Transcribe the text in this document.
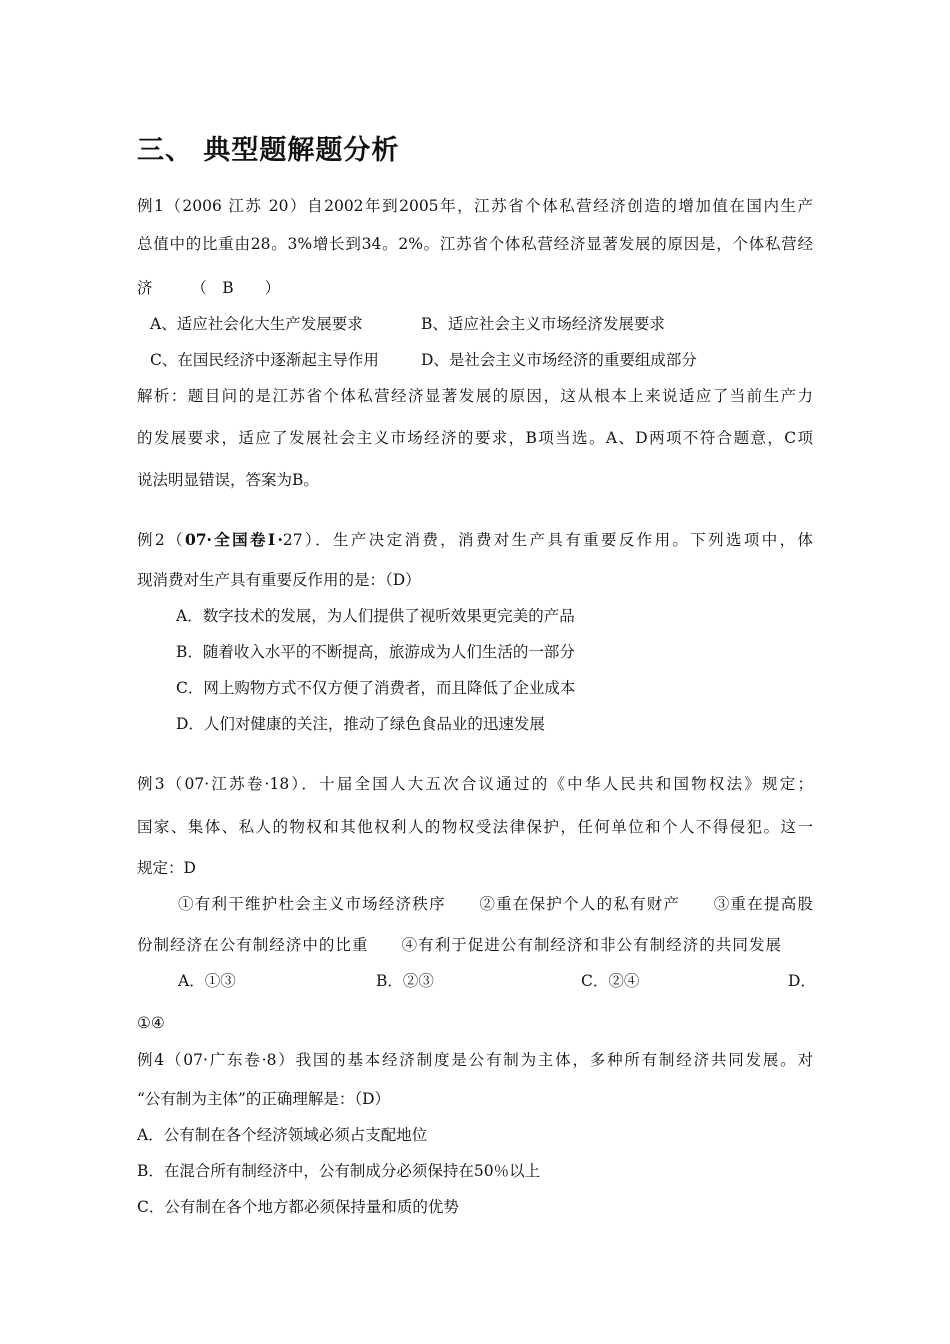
三、 典型题解题分析
例1（2006 江苏 20）自2002年到2005年，江苏省个体私营经济创造的增加值在国内生产
总值中的比重由28。3%增长到34。2%。江苏省个体私营经济显著发展的原因是，个体私营经
济　　　（　B　　）
A、适应社会化大生产发展要求	B、适应社会主义市场经济发展要求
C、在国民经济中逐渐起主导作用	D、是社会主义市场经济的重要组成部分
解析：题目问的是江苏省个体私营经济显著发展的原因，这从根本上来说适应了当前生产力
的发展要求，适应了发展社会主义市场经济的要求，B项当选。A、D两项不符合题意，C项
说法明显错误，答案为B。
例2（07·全国卷Ⅰ·27）．生产决定消费，消费对生产具有重要反作用。下列选项中，体
现消费对生产具有重要反作用的是：（D）
A．数字技术的发展，为人们提供了视听效果更完美的产品
B．随着收入水平的不断提高，旅游成为人们生活的一部分
C．网上购物方式不仅方便了消费者，而且降低了企业成本
D．人们对健康的关注，推动了绿色食品业的迅速发展
例3（07·江苏卷·18）．十届全国人大五次合议通过的《中华人民共和国物权法》规定；
国家、集体、私人的物权和其他权利人的物权受法律保护，任何单位和个人不得侵犯。这一
规定：D
①有利干维护杜会主义市场经济秩序　　②重在保护个人的私有财产　　③重在提高股
份制经济在公有制经济中的比重　　④有利于促进公有制经济和非公有制经济的共同发展
A．①③	B．②③	C．②④	D．
①④
例4（07·广东卷·8）我国的基本经济制度是公有制为主体，多种所有制经济共同发展。对
“公有制为主体”的正确理解是：（D）
A．公有制在各个经济领域必须占支配地位
B．在混合所有制经济中，公有制成分必须保持在50％以上
C．公有制在各个地方都必须保持量和质的优势
